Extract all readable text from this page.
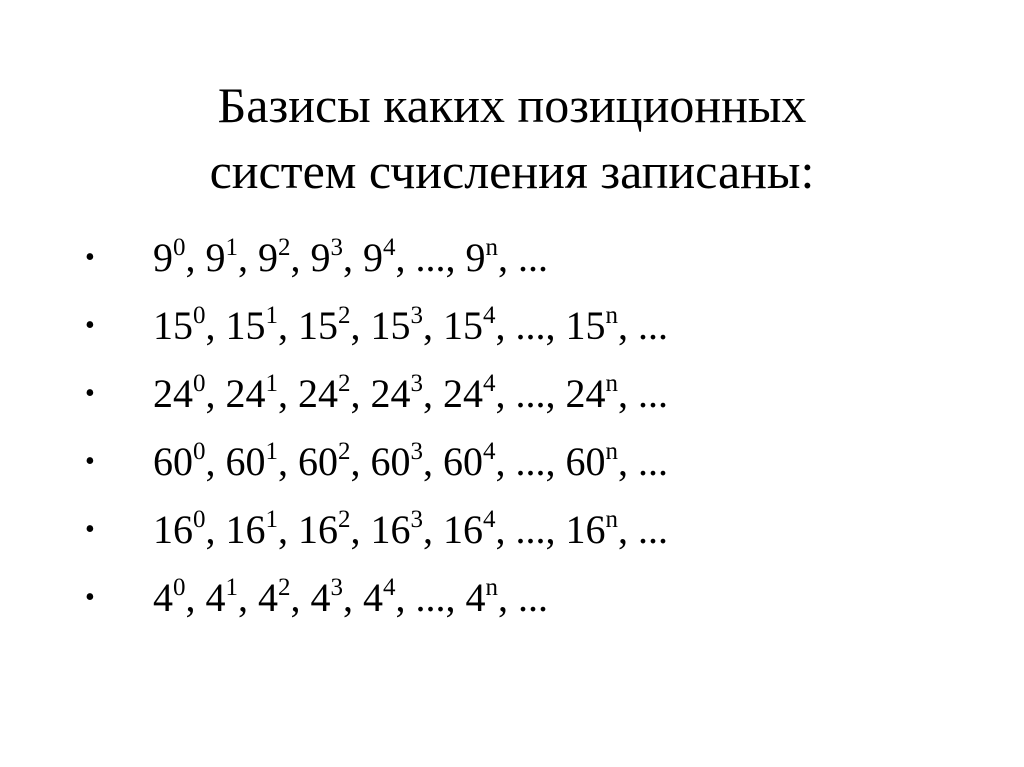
Базисы каких позиционных
систем счисления записаны:
• $9^0$, $9^1$, $9^2$, $9^3$, $9^4$, ..., 9$^n$, ...
• $15^0$, $15^1$, $15^2$, $15^3$, $15^4$, ..., 15$^n$, ...
• $24^0$, $24^1$, $24^2$, $24^3$, $24^4$, ..., 24$^n$, ...
• $60^0$, $60^1$, $60^2$, $60^3$, $60^4$, ..., 60$^n$, ...
• $16^0$, $16^1$, $16^2$, $16^3$, $16^4$, ..., 16$^n$, ...
• $4^0$, $4^1$, $4^2$, $4^3$, $4^4$, ..., 4$^n$, ...
